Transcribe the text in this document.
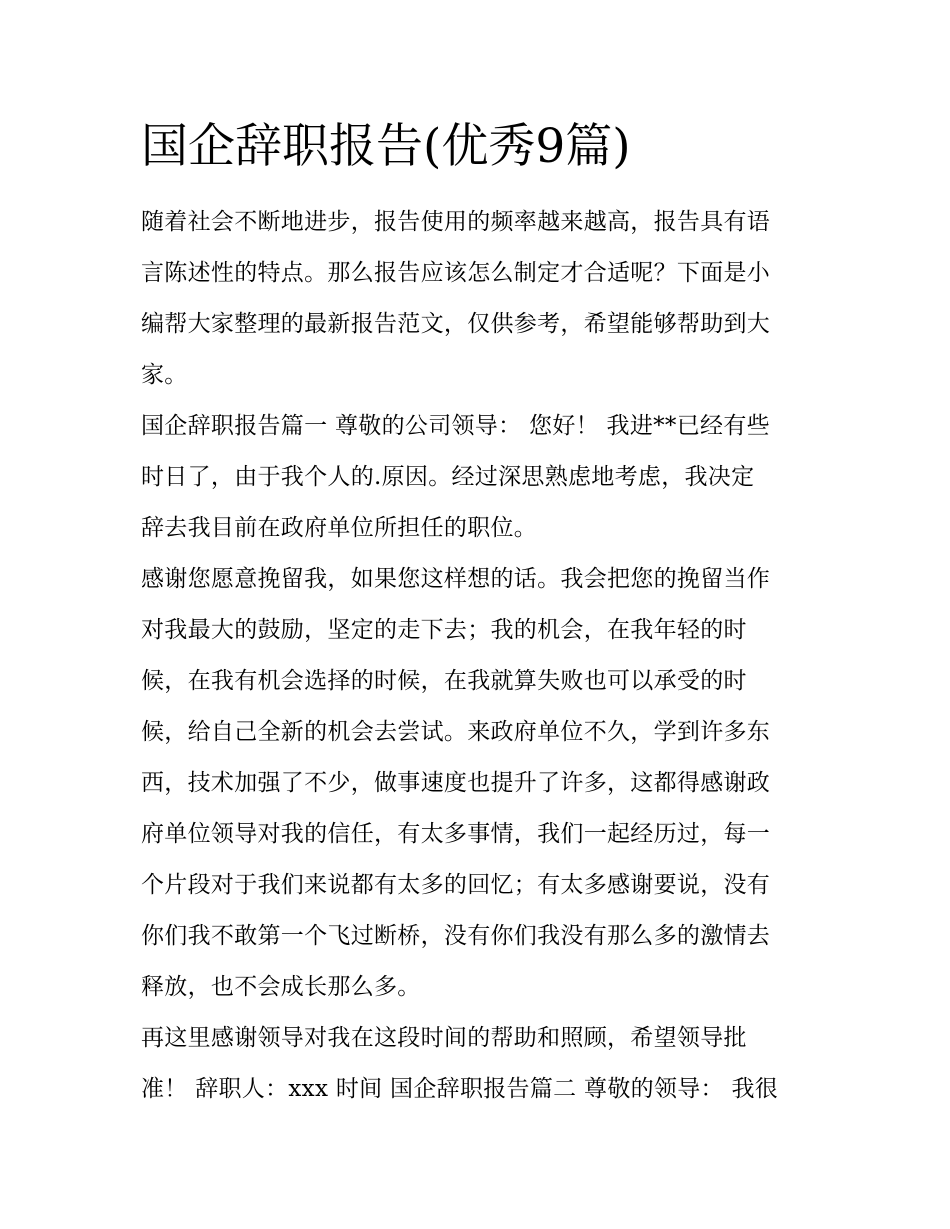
国企辞职报告(优秀9篇)
随着社会不断地进步，报告使用的频率越来越高，报告具有语
言陈述性的特点。那么报告应该怎么制定才合适呢？下面是小
编帮大家整理的最新报告范文，仅供参考，希望能够帮助到大
家。
国企辞职报告篇一 尊敬的公司领导： 您好！ 我进**已经有些
时日了，由于我个人的.原因。经过深思熟虑地考虑，我决定
辞去我目前在政府单位所担任的职位。
感谢您愿意挽留我，如果您这样想的话。我会把您的挽留当作
对我最大的鼓励，坚定的走下去；我的机会，在我年轻的时
候，在我有机会选择的时候，在我就算失败也可以承受的时
候，给自己全新的机会去尝试。来政府单位不久，学到许多东
西，技术加强了不少，做事速度也提升了许多，这都得感谢政
府单位领导对我的信任，有太多事情，我们一起经历过，每一
个片段对于我们来说都有太多的回忆；有太多感谢要说，没有
你们我不敢第一个飞过断桥，没有你们我没有那么多的激情去
释放，也不会成长那么多。
再这里感谢领导对我在这段时间的帮助和照顾，希望领导批
准！ 辞职人：xxx 时间 国企辞职报告篇二 尊敬的领导： 我很
